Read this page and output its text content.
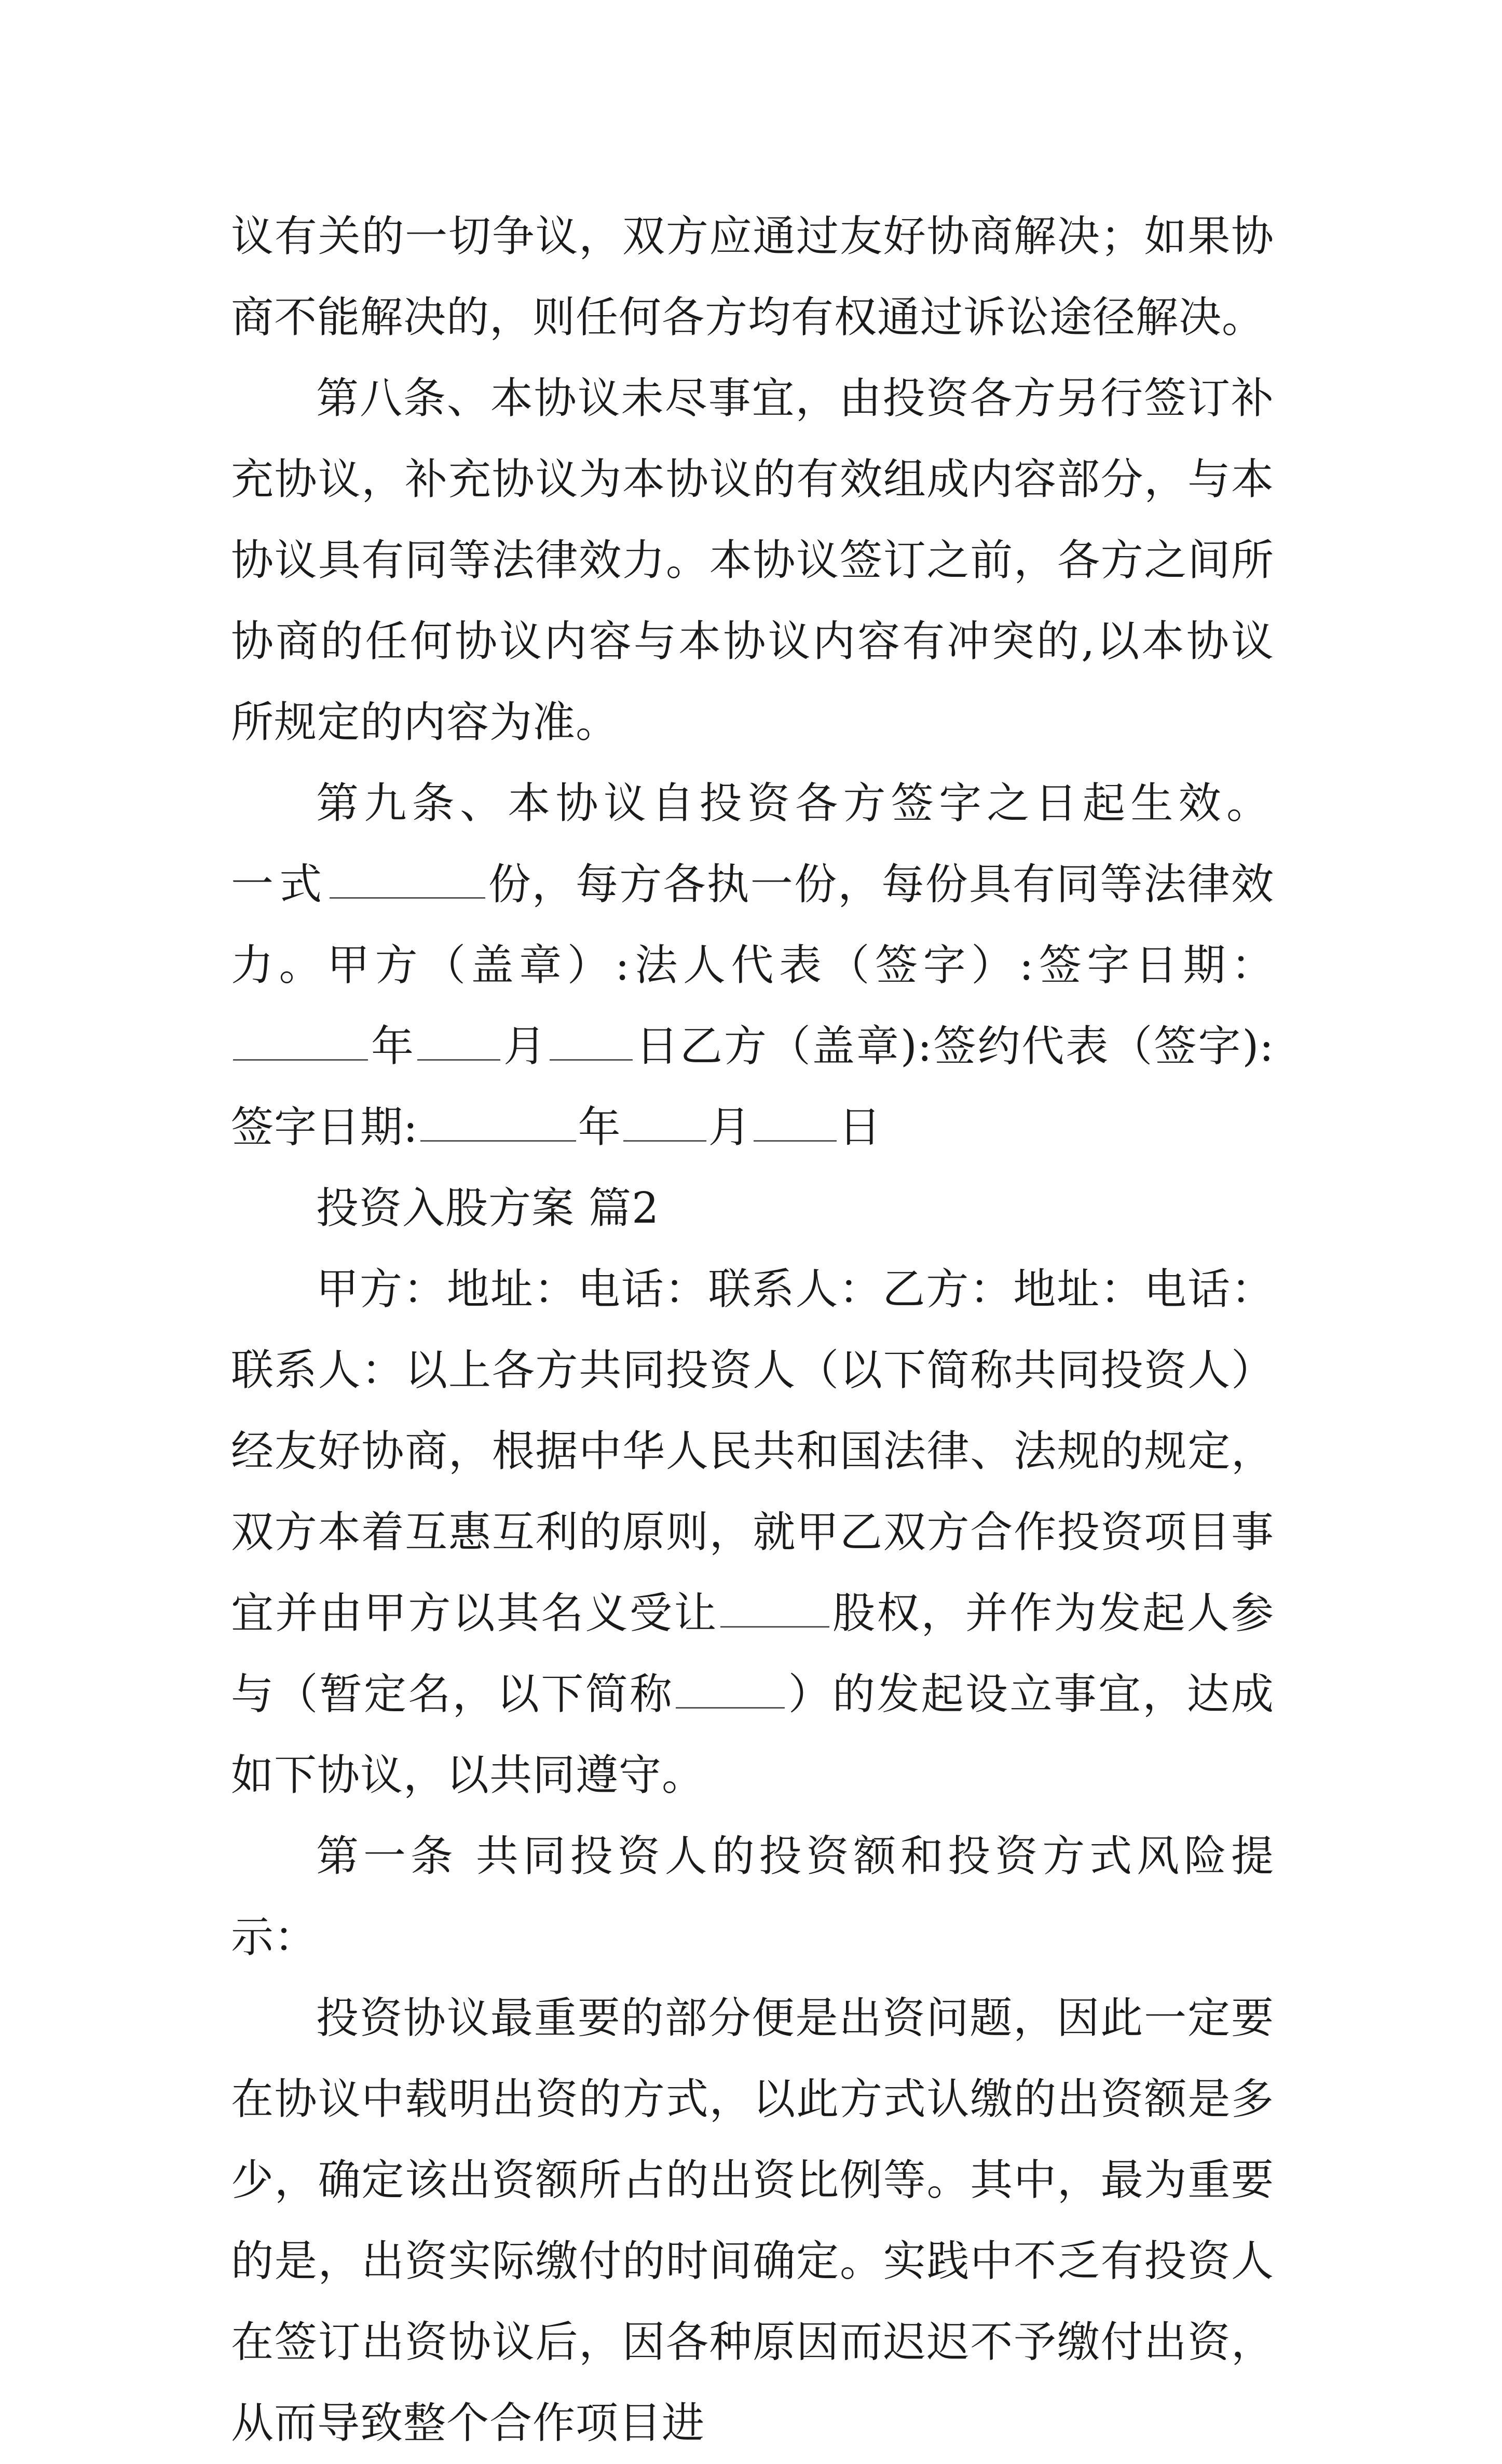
议有关的一切争议，双方应通过友好协商解决；如果协商不能解决的，则任何各方均有权通过诉讼途径解决。

第八条、本协议未尽事宜，由投资各方另行签订补充协议，补充协议为本协议的有效组成内容部分，与本协议具有同等法律效力。本协议签订之前，各方之间所协商的任何协议内容与本协议内容有冲突的,以本协议所规定的内容为准。

第九条、本协议自投资各方签字之日起生效。一式	份，每方各执一份，每份具有同等法律效力。甲方（盖章）:法人代表（签字）:签字日期：年 月 日乙方（盖章):签约代表（签字):签字日期:	年 月 日

投资入股方案 篇2

甲方：地址：电话：联系人：乙方：地址：电话：联系人：以上各方共同投资人（以下简称共同投资人）经友好协商，根据中华人民共和国法律、法规的规定，双方本着互惠互利的原则，就甲乙双方合作投资项目事宜并由甲方以其名义受让	股权，并作为发起人参与（暂定名，以下简称	）的发起设立事宜，达成如下协议，以共同遵守。

第一条 共同投资人的投资额和投资方式风险提示：

投资协议最重要的部分便是出资问题，因此一定要在协议中载明出资的方式，以此方式认缴的出资额是多少，确定该出资额所占的出资比例等。其中，最为重要的是，出资实际缴付的时间确定。实践中不乏有投资人在签订出资协议后，因各种原因而迟迟不予缴付出资，从而导致整个合作项目进
